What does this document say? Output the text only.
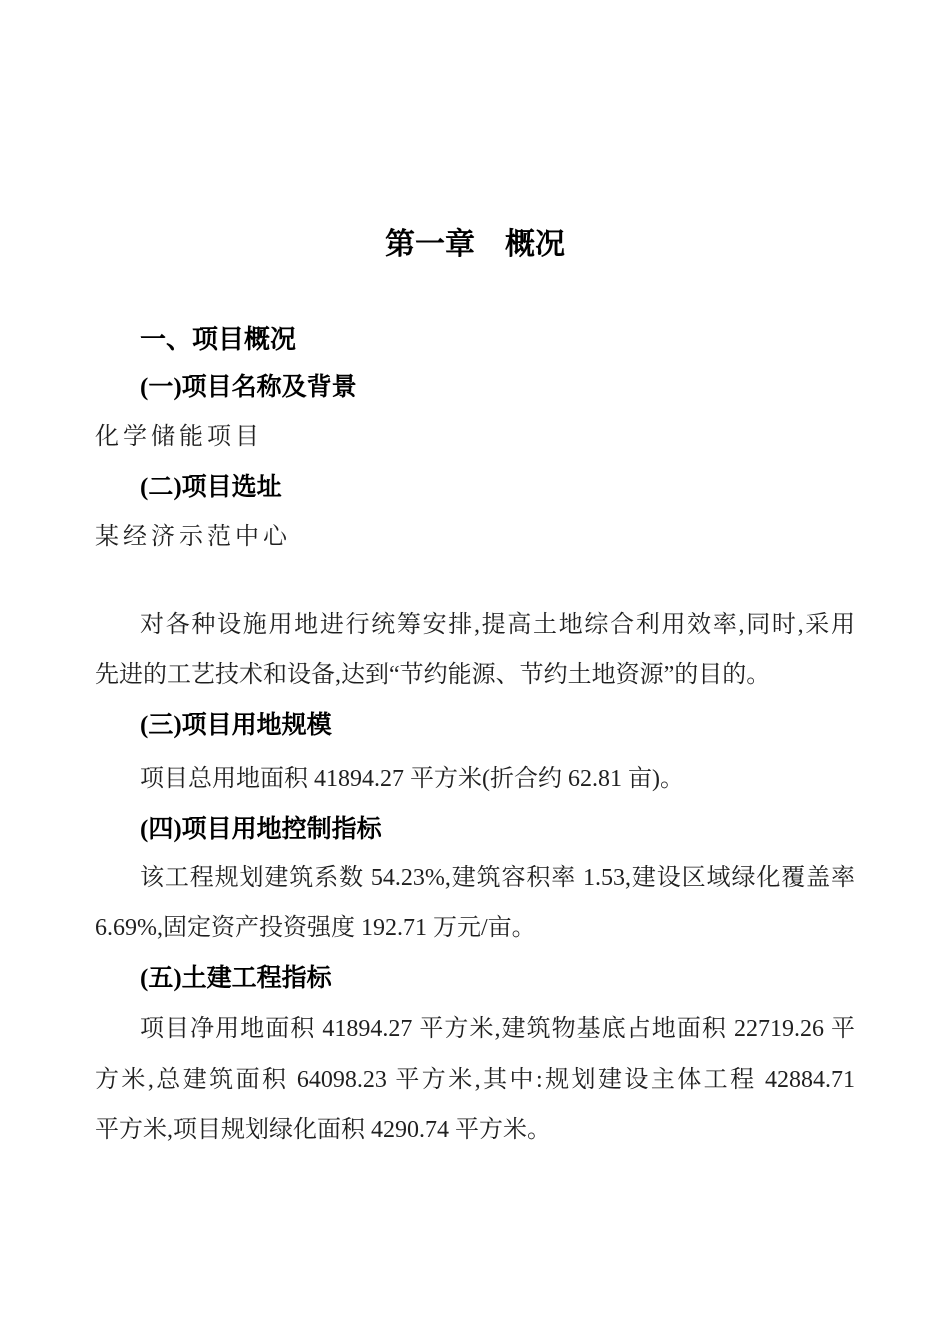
第一章　概况
一、项目概况
(一)项目名称及背景
化学储能项目
(二)项目选址
某经济示范中心
对各种设施用地进行统筹安排,提高土地综合利用效率,同时,采用
先进的工艺技术和设备,达到“节约能源、节约土地资源”的目的。
(三)项目用地规模
项目总用地面积 41894.27 平方米(折合约 62.81 亩)。
(四)项目用地控制指标
该工程规划建筑系数 54.23%,建筑容积率 1.53,建设区域绿化覆盖率
6.69%,固定资产投资强度 192.71 万元/亩。
(五)土建工程指标
项目净用地面积 41894.27 平方米,建筑物基底占地面积 22719.26 平
方米,总建筑面积 64098.23 平方米,其中:规划建设主体工程 42884.71
平方米,项目规划绿化面积 4290.74 平方米。
